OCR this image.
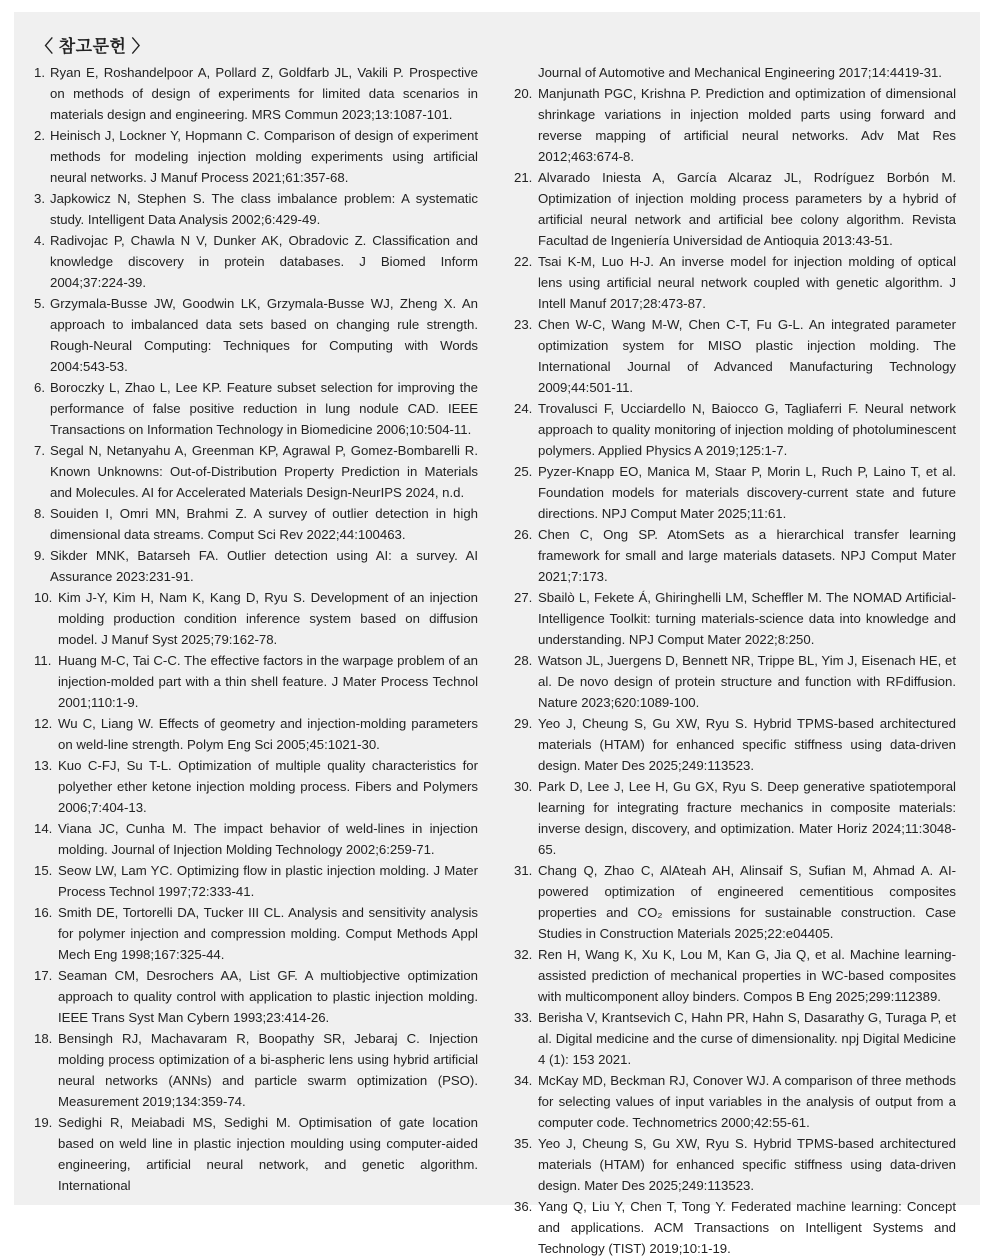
〈 참고문헌 〉
1. Ryan E, Roshandelpoor A, Pollard Z, Goldfarb JL, Vakili P. Prospective on methods of design of experiments for limited data scenarios in materials design and engineering. MRS Commun 2023;13:1087-101.
2. Heinisch J, Lockner Y, Hopmann C. Comparison of design of experiment methods for modeling injection molding experiments using artificial neural networks. J Manuf Process 2021;61:357-68.
3. Japkowicz N, Stephen S. The class imbalance problem: A systematic study. Intelligent Data Analysis 2002;6:429-49.
4. Radivojac P, Chawla N V, Dunker AK, Obradovic Z. Classification and knowledge discovery in protein databases. J Biomed Inform 2004;37:224-39.
5. Grzymala-Busse JW, Goodwin LK, Grzymala-Busse WJ, Zheng X. An approach to imbalanced data sets based on changing rule strength. Rough-Neural Computing: Techniques for Computing with Words 2004:543-53.
6. Boroczky L, Zhao L, Lee KP. Feature subset selection for improving the performance of false positive reduction in lung nodule CAD. IEEE Transactions on Information Technology in Biomedicine 2006;10:504-11.
7. Segal N, Netanyahu A, Greenman KP, Agrawal P, Gomez-Bombarelli R. Known Unknowns: Out-of-Distribution Property Prediction in Materials and Molecules. AI for Accelerated Materials Design-NeurIPS 2024, n.d.
8. Souiden I, Omri MN, Brahmi Z. A survey of outlier detection in high dimensional data streams. Comput Sci Rev 2022;44:100463.
9. Sikder MNK, Batarseh FA. Outlier detection using AI: a survey. AI Assurance 2023:231-91.
10. Kim J-Y, Kim H, Nam K, Kang D, Ryu S. Development of an injection molding production condition inference system based on diffusion model. J Manuf Syst 2025;79:162-78.
11. Huang M-C, Tai C-C. The effective factors in the warpage problem of an injection-molded part with a thin shell feature. J Mater Process Technol 2001;110:1-9.
12. Wu C, Liang W. Effects of geometry and injection-molding parameters on weld-line strength. Polym Eng Sci 2005;45:1021-30.
13. Kuo C-FJ, Su T-L. Optimization of multiple quality characteristics for polyether ether ketone injection molding process. Fibers and Polymers 2006;7:404-13.
14. Viana JC, Cunha M. The impact behavior of weld-lines in injection molding. Journal of Injection Molding Technology 2002;6:259-71.
15. Seow LW, Lam YC. Optimizing flow in plastic injection molding. J Mater Process Technol 1997;72:333-41.
16. Smith DE, Tortorelli DA, Tucker III CL. Analysis and sensitivity analysis for polymer injection and compression molding. Comput Methods Appl Mech Eng 1998;167:325-44.
17. Seaman CM, Desrochers AA, List GF. A multiobjective optimization approach to quality control with application to plastic injection molding. IEEE Trans Syst Man Cybern 1993;23:414-26.
18. Bensingh RJ, Machavaram R, Boopathy SR, Jebaraj C. Injection molding process optimization of a bi-aspheric lens using hybrid artificial neural networks (ANNs) and particle swarm optimization (PSO). Measurement 2019;134:359-74.
19. Sedighi R, Meiabadi MS, Sedighi M. Optimisation of gate location based on weld line in plastic injection moulding using computer-aided engineering, artificial neural network, and genetic algorithm. International
Journal of Automotive and Mechanical Engineering 2017;14:4419-31.
20. Manjunath PGC, Krishna P. Prediction and optimization of dimensional shrinkage variations in injection molded parts using forward and reverse mapping of artificial neural networks. Adv Mat Res 2012;463:674-8.
21. Alvarado Iniesta A, García Alcaraz JL, Rodríguez Borbón M. Optimization of injection molding process parameters by a hybrid of artificial neural network and artificial bee colony algorithm. Revista Facultad de Ingeniería Universidad de Antioquia 2013:43-51.
22. Tsai K-M, Luo H-J. An inverse model for injection molding of optical lens using artificial neural network coupled with genetic algorithm. J Intell Manuf 2017;28:473-87.
23. Chen W-C, Wang M-W, Chen C-T, Fu G-L. An integrated parameter optimization system for MISO plastic injection molding. The International Journal of Advanced Manufacturing Technology 2009;44:501-11.
24. Trovalusci F, Ucciardello N, Baiocco G, Tagliaferri F. Neural network approach to quality monitoring of injection molding of photoluminescent polymers. Applied Physics A 2019;125:1-7.
25. Pyzer-Knapp EO, Manica M, Staar P, Morin L, Ruch P, Laino T, et al. Foundation models for materials discovery-current state and future directions. NPJ Comput Mater 2025;11:61.
26. Chen C, Ong SP. AtomSets as a hierarchical transfer learning framework for small and large materials datasets. NPJ Comput Mater 2021;7:173.
27. Sbailò L, Fekete Á, Ghiringhelli LM, Scheffler M. The NOMAD Artificial-Intelligence Toolkit: turning materials-science data into knowledge and understanding. NPJ Comput Mater 2022;8:250.
28. Watson JL, Juergens D, Bennett NR, Trippe BL, Yim J, Eisenach HE, et al. De novo design of protein structure and function with RFdiffusion. Nature 2023;620:1089-100.
29. Yeo J, Cheung S, Gu XW, Ryu S. Hybrid TPMS-based architectured materials (HTAM) for enhanced specific stiffness using data-driven design. Mater Des 2025;249:113523.
30. Park D, Lee J, Lee H, Gu GX, Ryu S. Deep generative spatiotemporal learning for integrating fracture mechanics in composite materials: inverse design, discovery, and optimization. Mater Horiz 2024;11:3048-65.
31. Chang Q, Zhao C, AlAteah AH, Alinsaif S, Sufian M, Ahmad A. AI-powered optimization of engineered cementitious composites properties and CO₂ emissions for sustainable construction. Case Studies in Construction Materials 2025;22:e04405.
32. Ren H, Wang K, Xu K, Lou M, Kan G, Jia Q, et al. Machine learning-assisted prediction of mechanical properties in WC-based composites with multicomponent alloy binders. Compos B Eng 2025;299:112389.
33. Berisha V, Krantsevich C, Hahn PR, Hahn S, Dasarathy G, Turaga P, et al. Digital medicine and the curse of dimensionality. npj Digital Medicine 4 (1): 153 2021.
34. McKay MD, Beckman RJ, Conover WJ. A comparison of three methods for selecting values of input variables in the analysis of output from a computer code. Technometrics 2000;42:55-61.
35. Yeo J, Cheung S, Gu XW, Ryu S. Hybrid TPMS-based architectured materials (HTAM) for enhanced specific stiffness using data-driven design. Mater Des 2025;249:113523.
36. Yang Q, Liu Y, Chen T, Tong Y. Federated machine learning: Concept and applications. ACM Transactions on Intelligent Systems and Technology (TIST) 2019;10:1-19.
